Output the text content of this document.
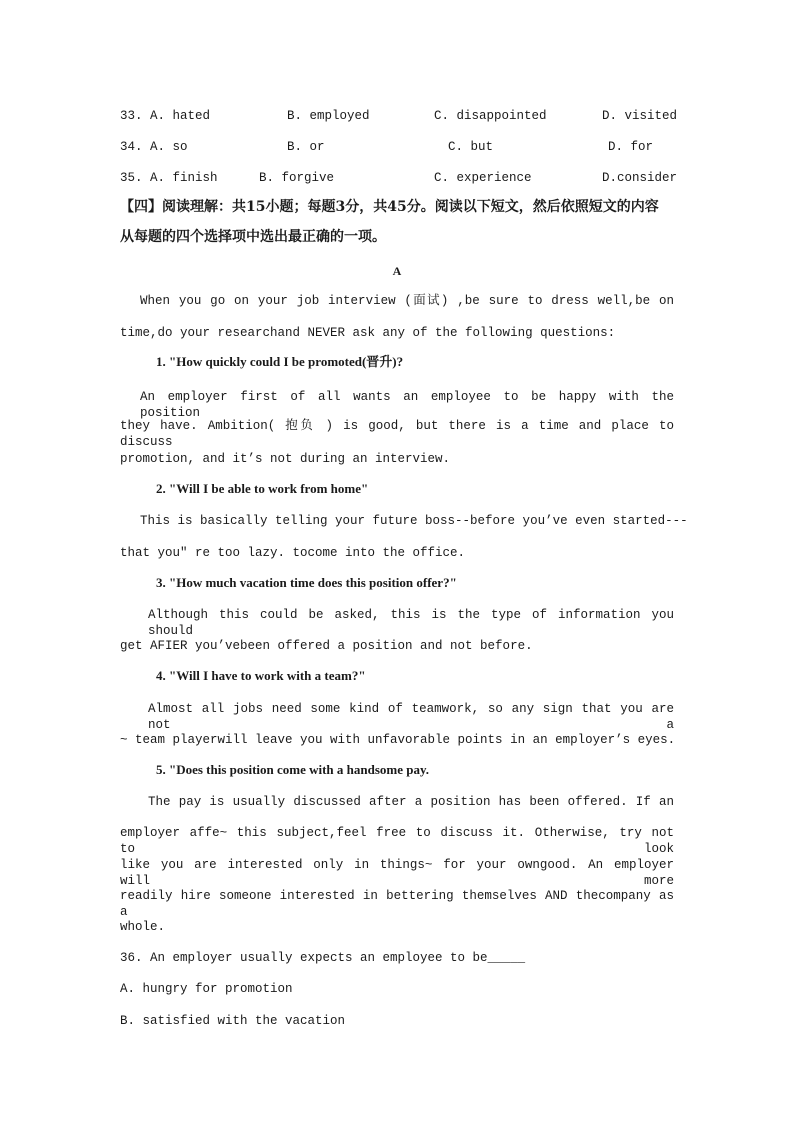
33. A. hated	B. employed	C. disappointed	D. visited
34. A. so	B. or	C. but	D. for
35. A. finish	B. forgive	C. experience	D.consider
【四】阅读理解：共15小题；每题3分，共45分。阅读以下短文，然后依照短文的内容
从每题的四个选择项中选出最正确的一项。
A
When you go on your job interview (面试) ,be sure to dress well,be on
time,do your researchand NEVER ask any of the following questions:
1. "How quickly could I be promoted(晋升)?
An employer first of all wants an employee to be happy with the position
they have. Ambition( 抱负 ) is good, but there is a time and place to discuss
promotion, and it’s not during an interview.
2. "Will I be able to work from home"
This is basically telling your future boss--before you’ve even started---
that you" re too lazy. tocome into the office.
3. "How much vacation time does this position offer?"
Although this could be asked, this is the type of information you should
get AFIER you’vebeen offered a position and not before.
4. "Will I have to work with a team?"
Almost all jobs need some kind of teamwork, so any sign that you are not a
~ team playerwill leave you with unfavorable points in an employer’s eyes.
5. "Does this position come with a handsome pay.
The pay is usually discussed after a position has been offered. If an
employer affe~ this subject,feel free to discuss it. Otherwise, try not to look
like you are interested only in things~ for your owngood. An employer will more
readily hire someone interested in bettering themselves AND thecompany as a
whole.
36. An employer usually expects an employee to be_____
A. hungry for promotion
B. satisfied with the vacation
